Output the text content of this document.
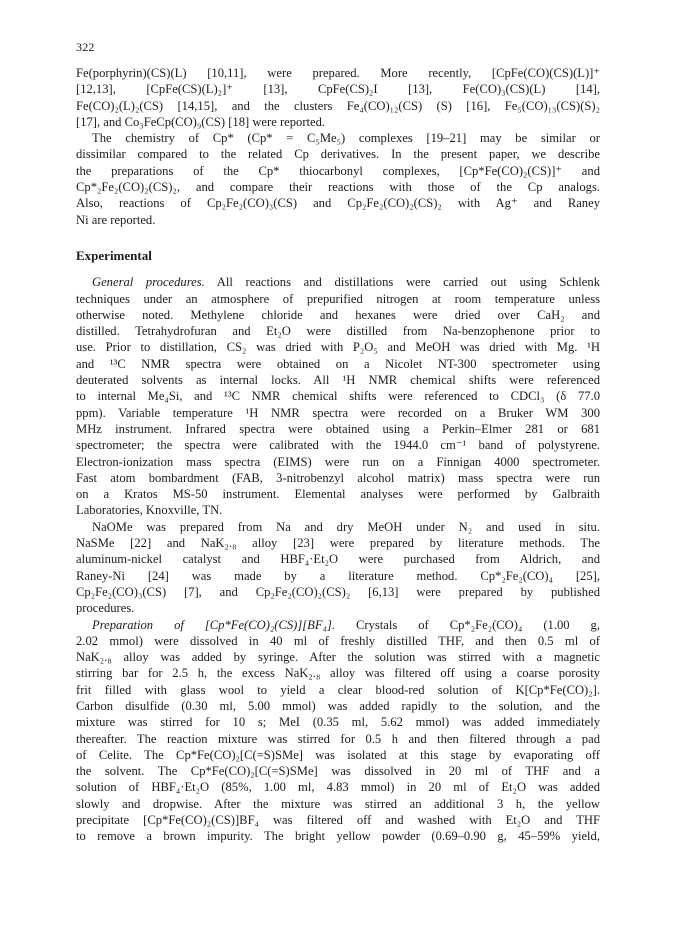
322
Fe(porphyrin)(CS)(L) [10,11], were prepared. More recently, [CpFe(CO)(CS)(L)]⁺
[12,13], [CpFe(CS)(L)₂]⁺ [13], CpFe(CS)₂I [13], Fe(CO)₃(CS)(L) [14],
Fe(CO)₂(L)₂(CS) [14,15], and the clusters Fe₄(CO)₁₂(CS) (S) [16], Fe₅(CO)₁₃(CS)(S)₂
[17], and Co₃FeCp(CO)₉(CS) [18] were reported.
The chemistry of Cp* (Cp* = C₅Me₅) complexes [19–21] may be similar or
dissimilar compared to the related Cp derivatives. In the present paper, we describe
the preparations of the Cp* thiocarbonyl complexes, [Cp*Fe(CO)₂(CS)]⁺ and
Cp*₂Fe₂(CO)₂(CS)₂, and compare their reactions with those of the Cp analogs.
Also, reactions of Cp₂Fe₂(CO)₃(CS) and Cp₂Fe₂(CO)₂(CS)₂ with Ag⁺ and Raney
Ni are reported.
Experimental
General procedures. All reactions and distillations were carried out using Schlenk
techniques under an atmosphere of prepurified nitrogen at room temperature unless
otherwise noted. Methylene chloride and hexanes were dried over CaH₂ and
distilled. Tetrahydrofuran and Et₂O were distilled from Na-benzophenone prior to
use. Prior to distillation, CS₂ was dried with P₂O₅ and MeOH was dried with Mg. ¹H
and ¹³C NMR spectra were obtained on a Nicolet NT-300 spectrometer using
deuterated solvents as internal locks. All ¹H NMR chemical shifts were referenced
to internal Me₄Si, and ¹³C NMR chemical shifts were referenced to CDCl₃ (δ 77.0
ppm). Variable temperature ¹H NMR spectra were recorded on a Bruker WM 300
MHz instrument. Infrared spectra were obtained using a Perkin–Elmer 281 or 681
spectrometer; the spectra were calibrated with the 1944.0 cm⁻¹ band of polystyrene.
Electron-ionization mass spectra (EIMS) were run on a Finnigan 4000 spectrometer.
Fast atom bombardment (FAB, 3-nitrobenzyl alcohol matrix) mass spectra were run
on a Kratos MS-50 instrument. Elemental analyses were performed by Galbraith
Laboratories, Knoxville, TN.
NaOMe was prepared from Na and dry MeOH under N₂ and used in situ.
NaSMe [22] and NaK₂.₈ alloy [23] were prepared by literature methods. The
aluminum-nickel catalyst and HBF₄·Et₂O were purchased from Aldrich, and
Raney-Ni [24] was made by a literature method. Cp*₂Fe₂(CO)₄ [25],
Cp₂Fe₂(CO)₃(CS) [7], and Cp₂Fe₂(CO)₂(CS)₂ [6,13] were prepared by published
procedures.
Preparation of [Cp*Fe(CO)₂(CS)][BF₄]. Crystals of Cp*₂Fe₂(CO)₄ (1.00 g,
2.02 mmol) were dissolved in 40 ml of freshly distilled THF, and then 0.5 ml of
NaK₂.₈ alloy was added by syringe. After the solution was stirred with a magnetic
stirring bar for 2.5 h, the excess NaK₂.₈ alloy was filtered off using a coarse porosity
frit filled with glass wool to yield a clear blood-red solution of K[Cp*Fe(CO)₂].
Carbon disulfide (0.30 ml, 5.00 mmol) was added rapidly to the solution, and the
mixture was stirred for 10 s; MeI (0.35 ml, 5.62 mmol) was added immediately
thereafter. The reaction mixture was stirred for 0.5 h and then filtered through a pad
of Celite. The Cp*Fe(CO)₂[C(=S)SMe] was isolated at this stage by evaporating off
the solvent. The Cp*Fe(CO)₂[C(=S)SMe] was dissolved in 20 ml of THF and a
solution of HBF₄·Et₂O (85%, 1.00 ml, 4.83 mmol) in 20 ml of Et₂O was added
slowly and dropwise. After the mixture was stirred an additional 3 h, the yellow
precipitate [Cp*Fe(CO)₂(CS)]BF₄ was filtered off and washed with Et₂O and THF
to remove a brown impurity. The bright yellow powder (0.69–0.90 g, 45–59% yield,
